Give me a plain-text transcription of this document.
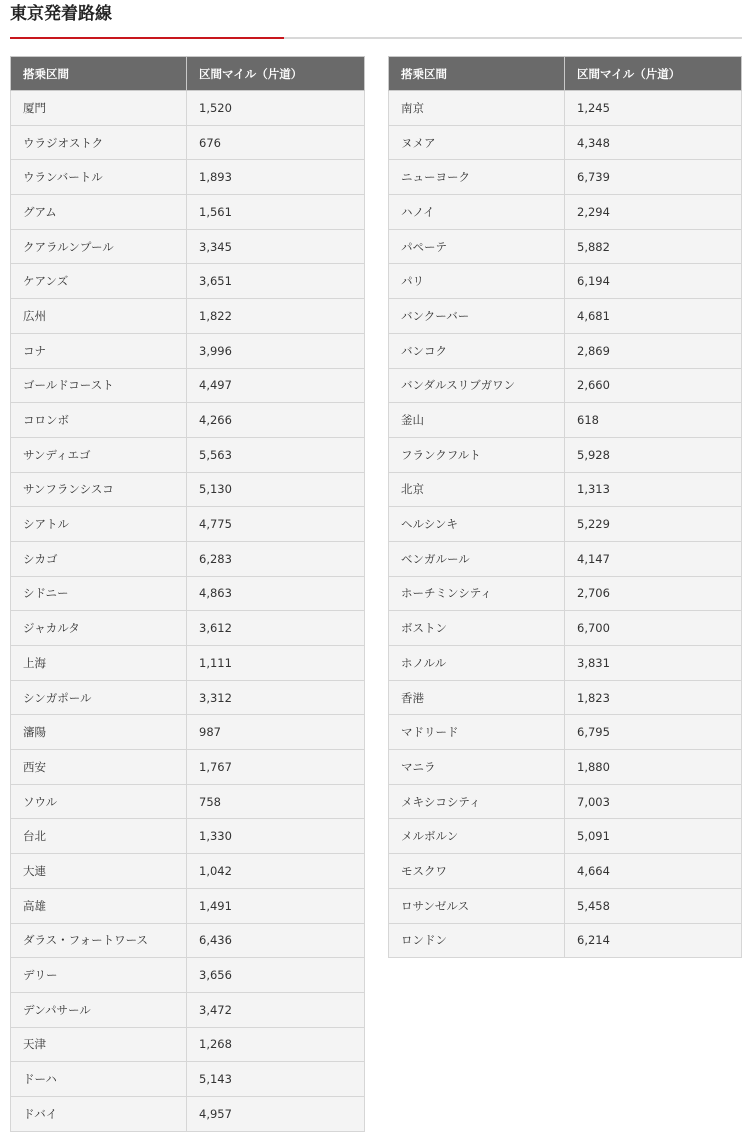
東京発着路線
搭乗区間	区間マイル（片道）
厦門	1,520
ウラジオストク	676
ウランバートル	1,893
グアム	1,561
クアラルンプール	3,345
ケアンズ	3,651
広州	1,822
コナ	3,996
ゴールドコースト	4,497
コロンボ	4,266
サンディエゴ	5,563
サンフランシスコ	5,130
シアトル	4,775
シカゴ	6,283
シドニー	4,863
ジャカルタ	3,612
上海	1,111
シンガポール	3,312
瀋陽	987
西安	1,767
ソウル	758
台北	1,330
大連	1,042
高雄	1,491
ダラス・フォートワース	6,436
デリー	3,656
デンパサール	3,472
天津	1,268
ドーハ	5,143
ドバイ	4,957
搭乗区間	区間マイル（片道）
南京	1,245
ヌメア	4,348
ニューヨーク	6,739
ハノイ	2,294
パペーテ	5,882
パリ	6,194
バンクーバー	4,681
バンコク	2,869
バンダルスリブガワン	2,660
釜山	618
フランクフルト	5,928
北京	1,313
ヘルシンキ	5,229
ベンガルール	4,147
ホーチミンシティ	2,706
ボストン	6,700
ホノルル	3,831
香港	1,823
マドリード	6,795
マニラ	1,880
メキシコシティ	7,003
メルボルン	5,091
モスクワ	4,664
ロサンゼルス	5,458
ロンドン	6,214
